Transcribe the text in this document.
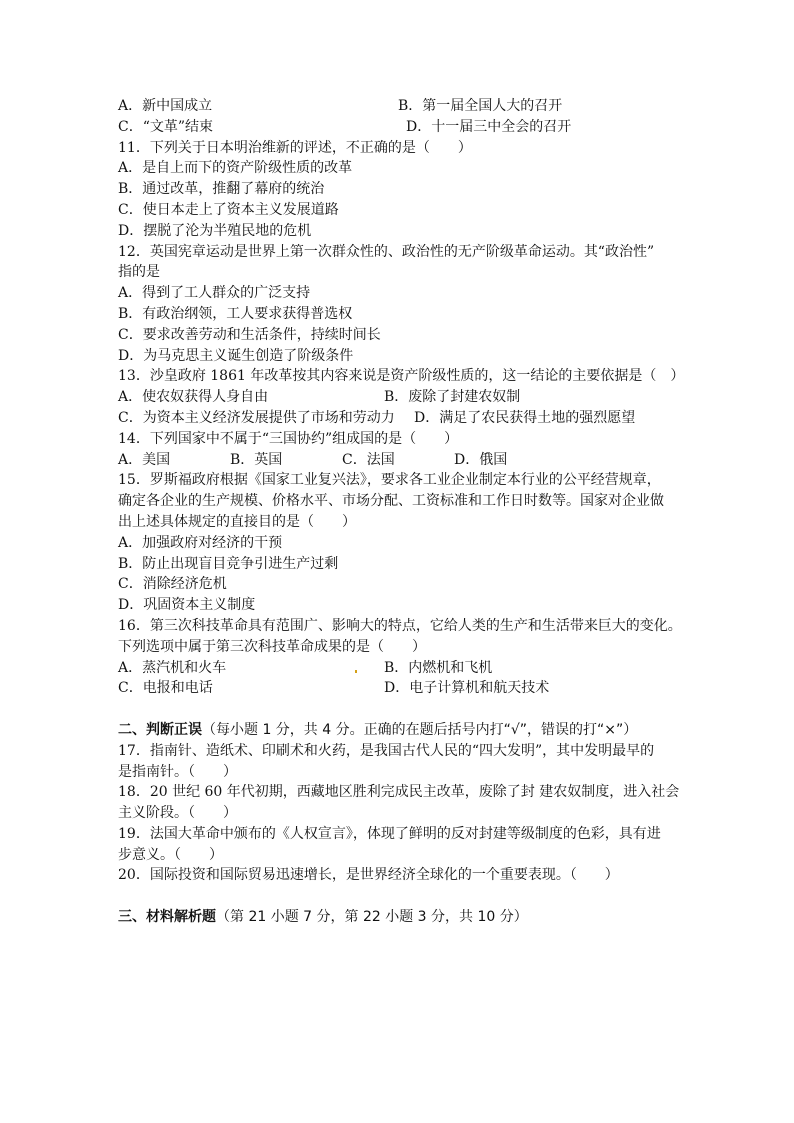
A．新中国成立	B．第一届全国人大的召开
C．“文革”结束	D．十一届三中全会的召开
11．下列关于日本明治维新的评述，不正确的是（　　）
A．是自上而下的资产阶级性质的改革
B．通过改革，推翻了幕府的统治
C．使日本走上了资本主义发展道路
D．摆脱了沦为半殖民地的危机
12．英国宪章运动是世界上第一次群众性的、政治性的无产阶级革命运动。其“政治性”
指的是
A．得到了工人群众的广泛支持
B．有政治纲领，工人要求获得普选权
C．要求改善劳动和生活条件，持续时间长
D．为马克思主义诞生创造了阶级条件
13．沙皇政府 1861 年改革按其内容来说是资产阶级性质的，这一结论的主要依据是（　）
A．使农奴获得人身自由	B．废除了封建农奴制
C．为资本主义经济发展提供了市场和劳动力	D．满足了农民获得土地的强烈愿望
14．下列国家中不属于“三国协约”组成国的是（　　）
A．美国	B．英国	C．法国	D．俄国
15．罗斯福政府根据《国家工业复兴法》，要求各工业企业制定本行业的公平经营规章，
确定各企业的生产规模、价格水平、市场分配、工资标准和工作日时数等。国家对企业做
出上述具体规定的直接目的是（　　）
A．加强政府对经济的干预
B．防止出现盲目竞争引进生产过剩
C．消除经济危机
D．巩固资本主义制度
16．第三次科技革命具有范围广、影响大的特点，它给人类的生产和生活带来巨大的变化。
下列选项中属于第三次科技革命成果的是（　　）
A．蒸汽机和火车	B．内燃机和飞机
C．电报和电话	D．电子计算机和航天技术
二、判断正误（每小题 1 分，共 4 分。正确的在题后括号内打“√”，错误的打“×”）
17．指南针、造纸术、印刷术和火药，是我国古代人民的“四大发明”，其中发明最早的
是指南针。（　　）
18．20 世纪 60 年代初期，西藏地区胜利完成民主改革，废除了封 建农奴制度，进入社会
主义阶段。（　　）
19．法国大革命中颁布的《人权宣言》，体现了鲜明的反对封建等级制度的色彩，具有进
步意义。（　　）
20．国际投资和国际贸易迅速增长，是世界经济全球化的一个重要表现。（　　）
三、材料解析题（第 21 小题 7 分，第 22 小题 3 分，共 10 分）
